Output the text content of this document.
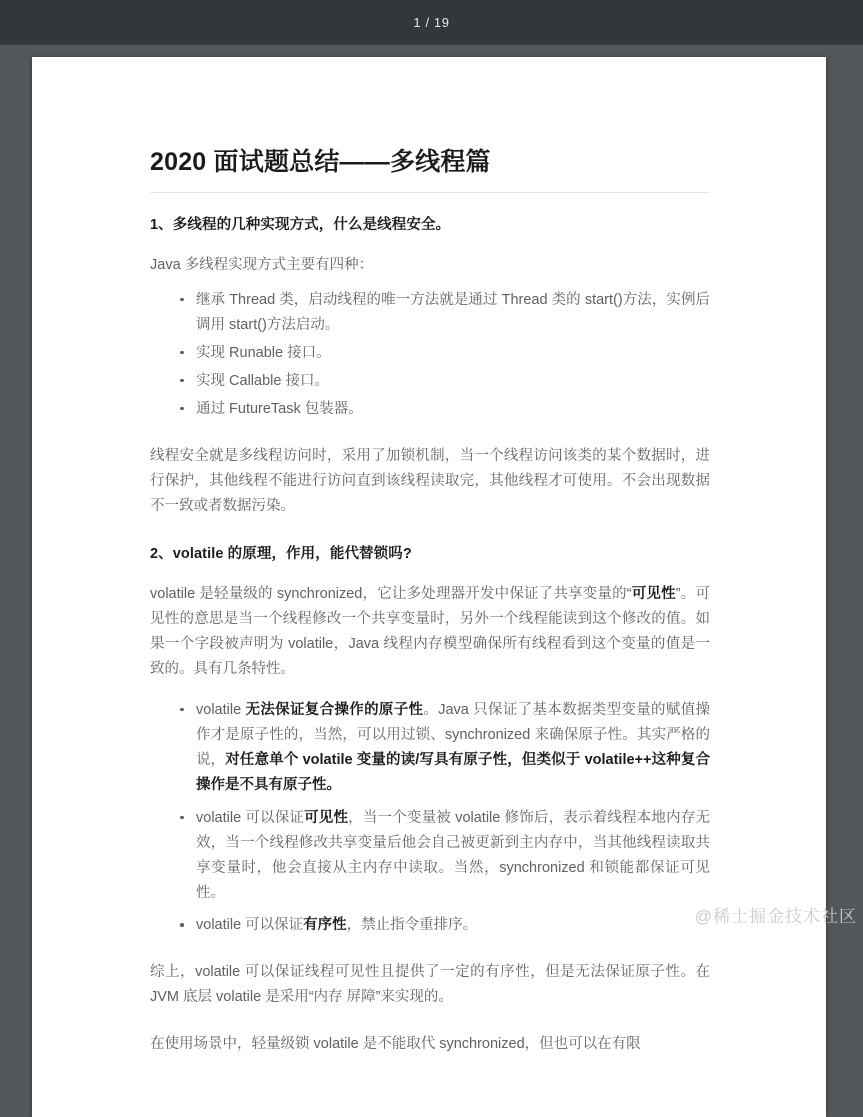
1 / 19
2020 面试题总结——多线程篇
1、多线程的几种实现方式，什么是线程安全。

Java 多线程实现方式主要有四种：

继承 Thread 类，启动线程的唯一方法就是通过 Thread 类的 start()方法，实例后调用 start()方法启动。
实现 Runable 接口。
实现 Callable 接口。
通过 FutureTask 包装器。

线程安全就是多线程访问时，采用了加锁机制，当一个线程访问该类的某个数据时，进行保护，其他线程不能进行访问直到该线程读取完，其他线程才可使用。不会出现数据不一致或者数据污染。

2、volatile 的原理，作用，能代替锁吗?

volatile 是轻量级的 synchronized，它让多处理器开发中保证了共享变量的“可见性”。可见性的意思是当一个线程修改一个共享变量时，另外一个线程能读到这个修改的值。如果一个字段被声明为 volatile，Java 线程内存模型确保所有线程看到这个变量的值是一致的。具有几条特性。

volatile 无法保证复合操作的原子性。Java 只保证了基本数据类型变量的赋值操作才是原子性的，当然，可以用过锁、synchronized 来确保原子性。其实严格的说，对任意单个 volatile 变量的读/写具有原子性，但类似于 volatile++这种复合操作是不具有原子性。
volatile 可以保证可见性，当一个变量被 volatile 修饰后，表示着线程本地内存无效，当一个线程修改共享变量后他会自己被更新到主内存中，当其他线程读取共享变量时，他会直接从主内存中读取。当然，synchronized 和锁能都保证可见性。
volatile 可以保证有序性，禁止指令重排序。

综上，volatile 可以保证线程可见性且提供了一定的有序性，但是无法保证原子性。在 JVM 底层 volatile 是采用“内存 屏障”来实现的。

在使用场景中，轻量级锁 volatile 是不能取代 synchronized，但也可以在有限

@稀土掘金技术社区
